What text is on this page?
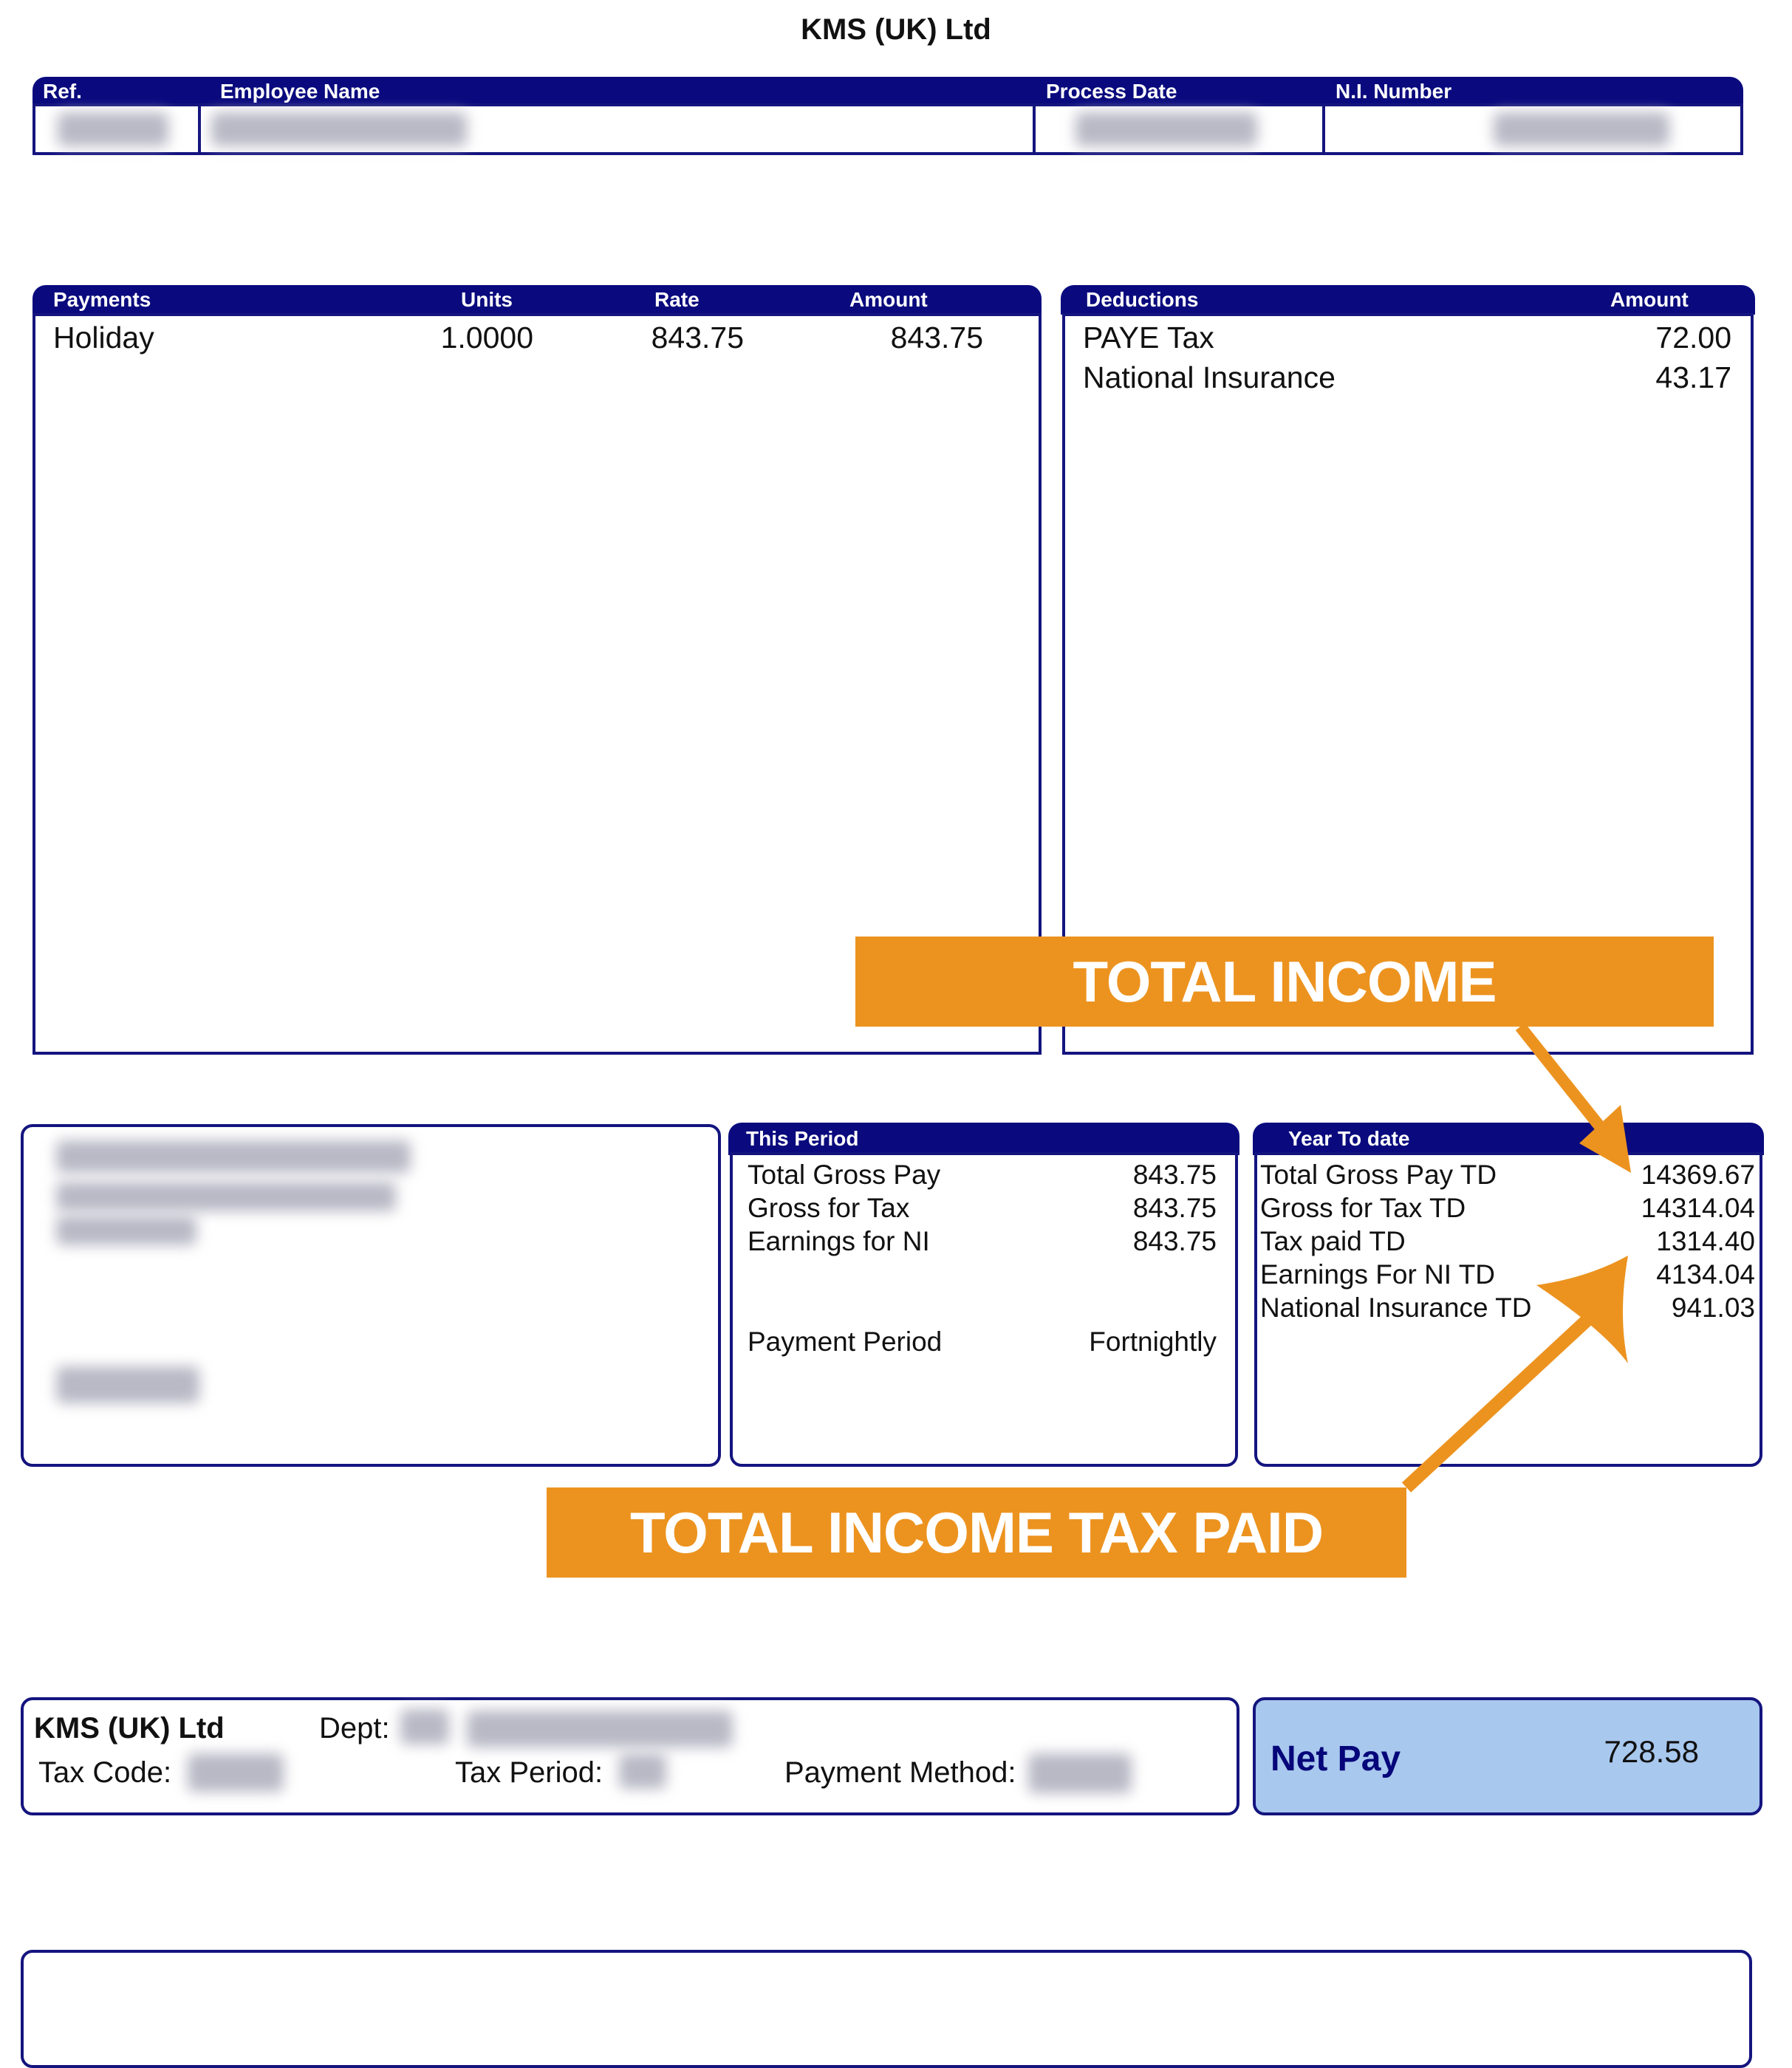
KMS (UK) Ltd
Ref.	Employee Name	Process Date	N.I. Number
Payments	Units	Rate	Amount
Holiday	1.0000	843.75	843.75
Deductions	Amount
PAYE Tax	72.00
National Insurance	43.17
This Period
Total Gross Pay	843.75
Gross for Tax	843.75
Earnings for NI	843.75
Payment Period	Fortnightly
Year To date
Total Gross Pay TD	14369.67
Gross for Tax TD	14314.04
Tax paid TD	1314.40
Earnings For NI TD	4134.04
National Insurance TD	941.03
TOTAL INCOME
TOTAL INCOME TAX PAID
KMS (UK) Ltd	Dept:
Tax Code:	Tax Period:	Payment Method:	Net Pay	728.58
